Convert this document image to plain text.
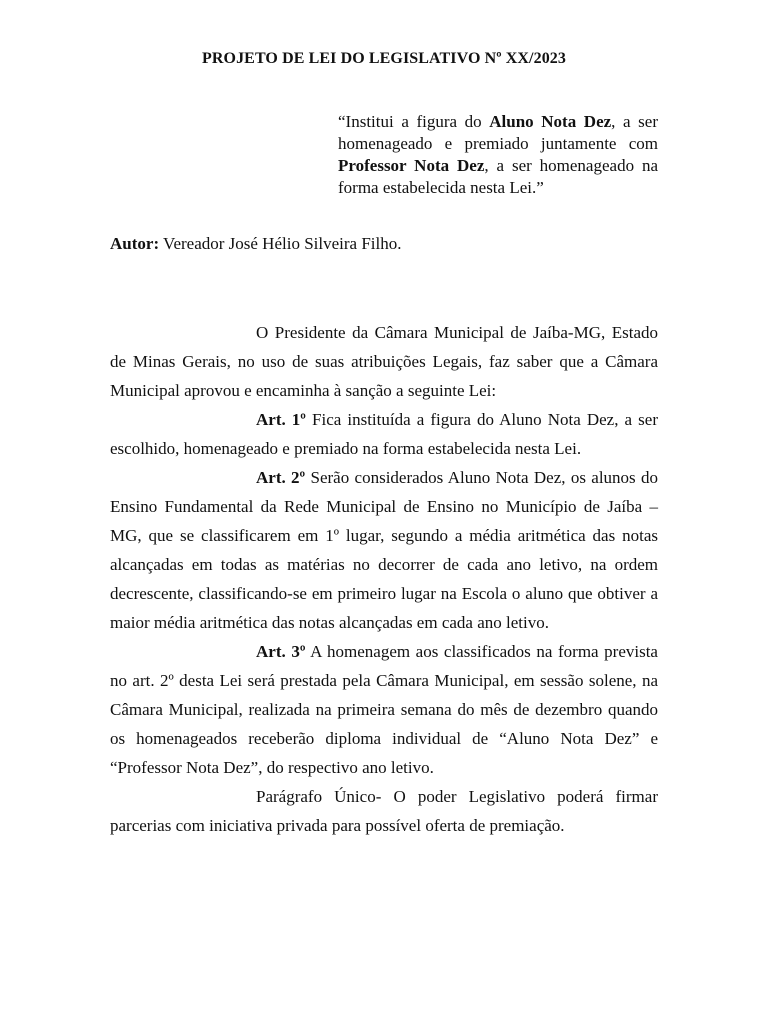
PROJETO DE LEI DO LEGISLATIVO Nº XX/2023
“Institui a figura do Aluno Nota Dez, a ser homenageado e premiado juntamente com Professor Nota Dez, a ser homenageado na forma estabelecida nesta Lei.”
Autor: Vereador José Hélio Silveira Filho.

O Presidente da Câmara Municipal de Jaíba-MG, Estado de Minas Gerais, no uso de suas atribuições Legais, faz saber que a Câmara Municipal aprovou e encaminha à sanção a seguinte Lei:

Art. 1º Fica instituída a figura do Aluno Nota Dez, a ser escolhido, homenageado e premiado na forma estabelecida nesta Lei.

Art. 2º Serão considerados Aluno Nota Dez, os alunos do Ensino Fundamental da Rede Municipal de Ensino no Município de Jaíba – MG, que se classificarem em 1º lugar, segundo a média aritmética das notas alcançadas em todas as matérias no decorrer de cada ano letivo, na ordem decrescente, classificando-se em primeiro lugar na Escola o aluno que obtiver a maior média aritmética das notas alcançadas em cada ano letivo.

Art. 3º A homenagem aos classificados na forma prevista no art. 2º desta Lei será prestada pela Câmara Municipal, em sessão solene, na Câmara Municipal, realizada na primeira semana do mês de dezembro quando os homenageados receberão diploma individual de “Aluno Nota Dez” e “Professor Nota Dez”, do respectivo ano letivo.

Parágrafo Único- O poder Legislativo poderá firmar parcerias com iniciativa privada para possível oferta de premiação.
